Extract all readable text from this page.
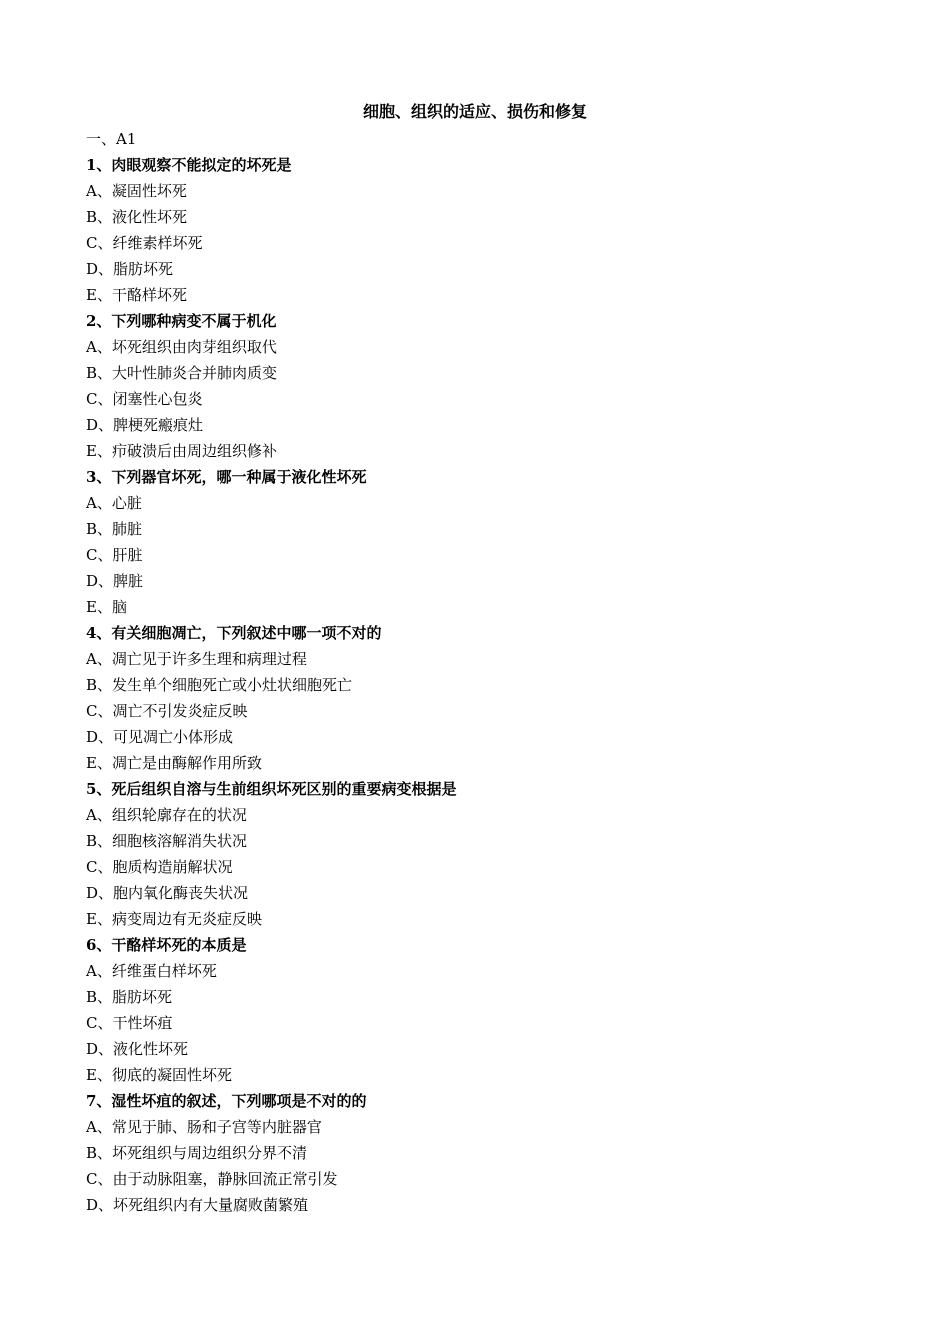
细胞、组织的适应、损伤和修复
一、A1
1、肉眼观察不能拟定的坏死是
A、凝固性坏死
B、液化性坏死
C、纤维素样坏死
D、脂肪坏死
E、干酪样坏死
2、下列哪种病变不属于机化
A、坏死组织由肉芽组织取代
B、大叶性肺炎合并肺肉质变
C、闭塞性心包炎
D、脾梗死瘢痕灶
E、疖破溃后由周边组织修补
3、下列器官坏死，哪一种属于液化性坏死
A、心脏
B、肺脏
C、肝脏
D、脾脏
E、脑
4、有关细胞凋亡，下列叙述中哪一项不对的
A、凋亡见于许多生理和病理过程
B、发生单个细胞死亡或小灶状细胞死亡
C、凋亡不引发炎症反映
D、可见凋亡小体形成
E、凋亡是由酶解作用所致
5、死后组织自溶与生前组织坏死区别的重要病变根据是
A、组织轮廓存在的状况
B、细胞核溶解消失状况
C、胞质构造崩解状况
D、胞内氧化酶丧失状况
E、病变周边有无炎症反映
6、干酪样坏死的本质是
A、纤维蛋白样坏死
B、脂肪坏死
C、干性坏疽
D、液化性坏死
E、彻底的凝固性坏死
7、湿性坏疽的叙述，下列哪项是不对的的
A、常见于肺、肠和子宫等内脏器官
B、坏死组织与周边组织分界不清
C、由于动脉阻塞，静脉回流正常引发
D、坏死组织内有大量腐败菌繁殖
